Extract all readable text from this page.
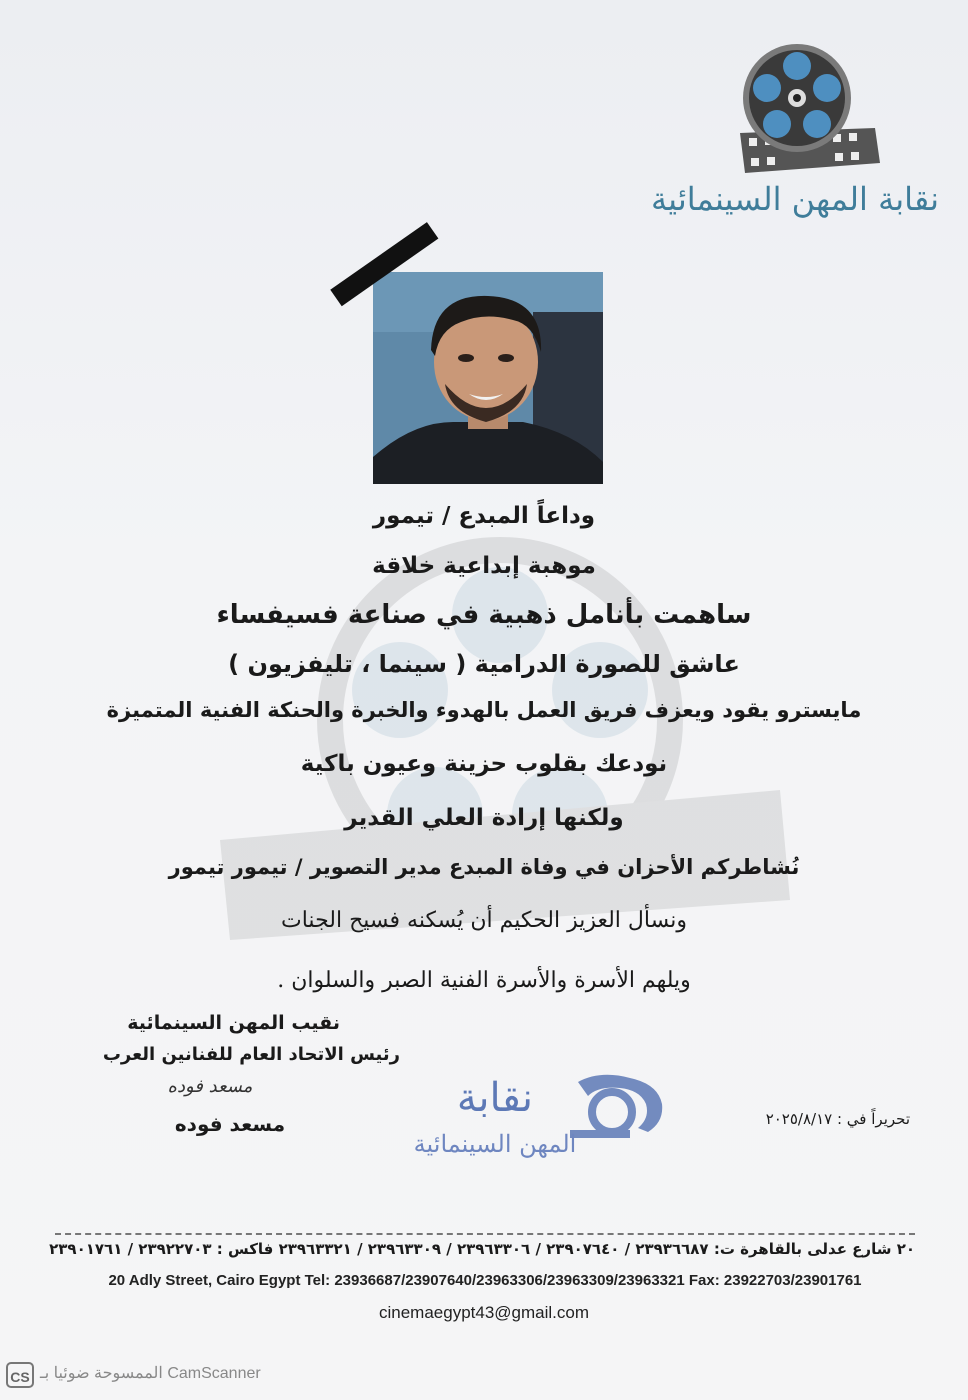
نقابة المهن السينمائية
وداعاً المبدع / تيمور
موهبة إبداعية خلاقة
ساهمت بأنامل ذهبية في صناعة فسيفساء
عاشق للصورة الدرامية ( سينما ، تليفزيون )
مايسترو يقود ويعزف فريق العمل بالهدوء والخبرة والحنكة الفنية المتميزة
نودعك بقلوب حزينة وعيون باكية
ولكنها إرادة العلي القدير
نُشاطركم الأحزان في وفاة المبدع مدير التصوير / تيمور تيمور
ونسأل العزيز الحكيم أن يُسكنه فسيح الجنات
ويلهم الأسرة والأسرة الفنية الصبر والسلوان .
نقيب المهن السينمائية
رئيس الاتحاد العام للفنانين العرب
مسعد فوده
مسعد فوده	تحريراً في : ٢٠٢٥/٨/١٧
نقابة
المهن السينمائية
٢٠ شارع عدلى بالقاهرة ت: ٢٣٩٣٦٦٨٧ / ٢٣٩٠٧٦٤٠ / ٢٣٩٦٣٣٠٦ / ٢٣٩٦٣٣٠٩ / ٢٣٩٦٣٣٢١ فاكس : ٢٣٩٢٢٧٠٣ / ٢٣٩٠١٧٦١
20 Adly Street, Cairo Egypt Tel: 23936687/23907640/23963306/23963309/23963321 Fax: 23922703/23901761
cinemaegypt43@gmail.com
CS الممسوحة ضوئيا بـ CamScanner
